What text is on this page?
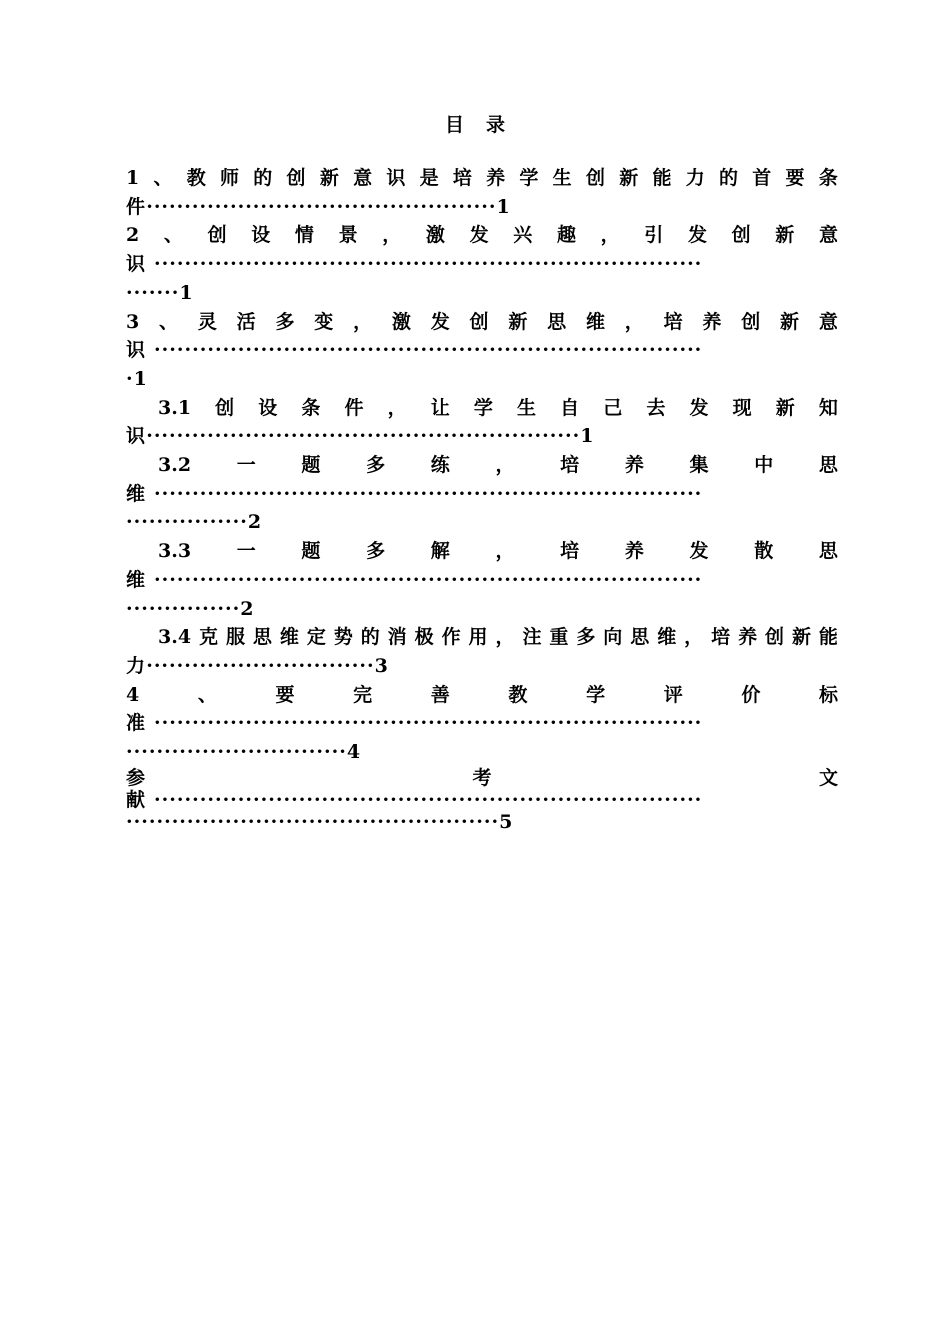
目录
1 、 教 师 的 创 新 意 识 是 培 养 学 生 创 新 能 力 的 首 要 条
件··············································1
2 、 创 设 情 景 ， 激 发 兴 趣 ， 引 发 创 新 意
识 ········································································
·······1
3 、 灵 活 多 变 ， 激 发 创 新 思 维 ， 培 养 创 新 意
识 ········································································
·1
3.1 创 设 条 件 ， 让 学 生 自 己 去 发 现 新 知
识·························································1
3.2 一 题 多 练 ， 培 养 集 中 思
维 ········································································
················2
3.3 一 题 多 解 ， 培 养 发 散 思
维 ········································································
···············2
3.4 克 服 思 维 定 势 的 消 极 作 用 ， 注 重 多 向 思 维 ， 培 养 创 新 能
力······························3
4	、	要	完	善	教	学	评	价	标
准 ········································································
·····························4
参	考	文
献 ········································································
·················································5
